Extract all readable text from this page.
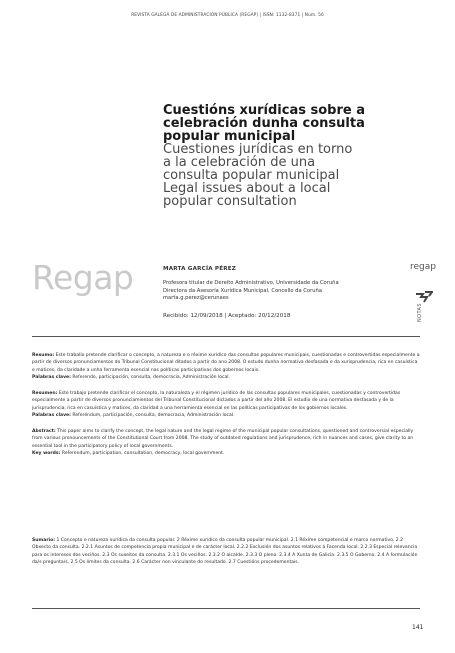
REVISTA GALEGA DE ADMINISTRACIÓN PÚBLICA (REGAP) | ISSN: 1132-8371 | Núm. 56
Cuestións xurídicas sobre a
celebración dunha consulta
popular municipal
Cuestiones jurídicas en torno
a la celebración de una
consulta popular municipal
Legal issues about a local
popular consultation
Regap	MARTA GARCÍA PÉREZ
Profesora titular de Dereito Administrativo, Universidade da Coruña
Directora da Asesoría Xurídica Municipal, Concello da Coruña
marta.g.perez@cerunaes
Recibido: 12/09/2018 | Aceptado: 20/12/2018
regap
NOTAS
Resumo: Este traballo pretende clarificar o concepto, a natureza e o réxime xurídico das consultas populares municipais, cuestionadas e controvertidas especialmente a partir de diversos pronunciamentos do Tribunal Constitucional ditados a partir do ano 2008. O estudo dunha normativa desfasada e da xurisprudencia, rica en casuística e matices, da claridade a unha ferramenta esencial nas políticas participativas dos gobernos locais.
Palabras clave: Referendo, participación, consulta, democracia, Administración local.
Resumen: Este trabajo pretende clarificar el concepto, la naturaleza y el régimen jurídico de las consultas populares municipales, cuestionadas y controvertidas especialmente a partir de diversos pronunciamientos del Tribunal Constitucional dictados a partir del año 2008. El estudio de una normativa desfasada y de la jurisprudencia, rica en casuística y matices, da claridad a una herramienta esencial en las políticas participativas de los gobiernos locales.
Palabras clave: Referéndum, participación, consulta, democracia, Administración local.
Abstract: This paper aims to clarify the concept, the legal nature and the legal regime of the municipal popular consultations, questioned and controversial especially from various pronouncements of the Constitutional Court from 2008. The study of outdated regulations and jurisprudence, rich in nuances and cases, give clarity to an essential tool in the participatory policy of local governments.
Key words: Referendum, participation, consultation, democracy, local government.
Sumario: 1 Concepto e natureza xurídica da consulta popular. 2 Réxime xurídico da consulta popular municipal. 2.1 Réxime competencial e marco normativo. 2.2 Obxecto da consulta. 2.2.1 Asuntos de competencia propia municipal e de carácter local. 2.2.2 Exclusión dos asuntos relativos á Facenda local. 2.2.3 Especial relevancia para os intereses dos veciños. 2.3 Os suxeitos da consulta. 2.3.1 Os veciños. 2.3.2 O alcalde. 2.3.3 O pleno. 2.3.4 A Xunta de Galicia. 2.3.5 O Goberno. 2.4 A formulación da/s pregunta/s. 2.5 Os límites da consulta. 2.6 Carácter non vinculante do resultado. 2.7 Cuestións procedementais.
141
